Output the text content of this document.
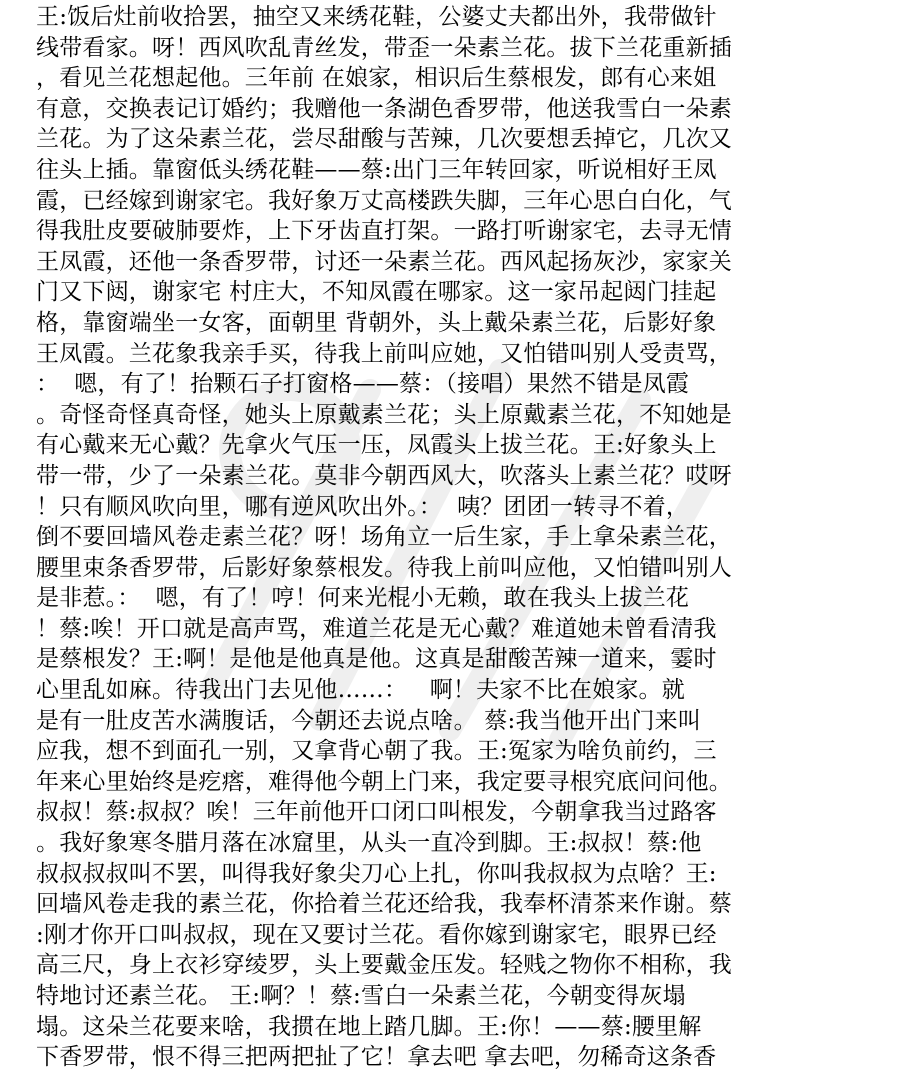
王:饭后灶前收拾罢，抽空又来绣花鞋，公婆丈夫都出外，我带做针
线带看家。呀！西风吹乱青丝发，带歪一朵素兰花。拔下兰花重新插
，看见兰花想起他。三年前 在娘家，相识后生蔡根发，郎有心来姐
有意，交换表记订婚约；我赠他一条湖色香罗带，他送我雪白一朵素
兰花。为了这朵素兰花，尝尽甜酸与苦辣，几次要想丢掉它，几次又
往头上插。靠窗低头绣花鞋——蔡:出门三年转回家，听说相好王凤
霞，已经嫁到谢家宅。我好象万丈高楼跌失脚，三年心思白白化，气
得我肚皮要破肺要炸，上下牙齿直打架。一路打听谢家宅，去寻无情
王凤霞，还他一条香罗带，讨还一朵素兰花。西风起扬灰沙，家家关
门又下闼，谢家宅 村庄大，不知凤霞在哪家。这一家吊起闼门挂起
格，靠窗端坐一女客，面朝里 背朝外，头上戴朵素兰花，后影好象
王凤霞。兰花象我亲手买，待我上前叫应她，又怕错叫别人受责骂，
：  嗯，有了！抬颗石子打窗格——蔡：（接唱）果然不错是凤霞
。奇怪奇怪真奇怪，她头上原戴素兰花；头上原戴素兰花，不知她是
有心戴来无心戴？先拿火气压一压，凤霞头上拔兰花。王:好象头上
带一带，少了一朵素兰花。莫非今朝西风大，吹落头上素兰花？哎呀
！只有顺风吹向里，哪有逆风吹出外。：  咦？团团一转寻不着，
倒不要回墙风卷走素兰花？呀！场角立一后生家，手上拿朵素兰花，
腰里束条香罗带，后影好象蔡根发。待我上前叫应他，又怕错叫别人
是非惹。：  嗯，有了！哼！何来光棍小无赖，敢在我头上拔兰花
！蔡:唉！开口就是高声骂，难道兰花是无心戴？难道她未曾看清我
是蔡根发？王:啊！是他是他真是他。这真是甜酸苦辣一道来，霎时
心里乱如麻。待我出门去见他……：   啊！夫家不比在娘家。就
是有一肚皮苦水满腹话，今朝还去说点啥。 蔡:我当他开出门来叫
应我，想不到面孔一别，又拿背心朝了我。王:冤家为啥负前约，三
年来心里始终是疙瘩，难得他今朝上门来，我定要寻根究底问问他。
叔叔！蔡:叔叔？唉！三年前他开口闭口叫根发，今朝拿我当过路客
。我好象寒冬腊月落在冰窟里，从头一直冷到脚。王:叔叔！蔡:他
叔叔叔叔叫不罢，叫得我好象尖刀心上扎，你叫我叔叔为点啥？王:
回墙风卷走我的素兰花，你拾着兰花还给我，我奉杯清茶来作谢。蔡
:刚才你开口叫叔叔，现在又要讨兰花。看你嫁到谢家宅，眼界已经
高三尺，身上衣衫穿绫罗，头上要戴金压发。轻贱之物你不相称，我
特地讨还素兰花。 王:啊？！蔡:雪白一朵素兰花，今朝变得灰塌
塌。这朵兰花要来啥，我掼在地上踏几脚。王:你！——蔡:腰里解
下香罗带，恨不得三把两把扯了它！拿去吧 拿去吧，勿稀奇这条香
